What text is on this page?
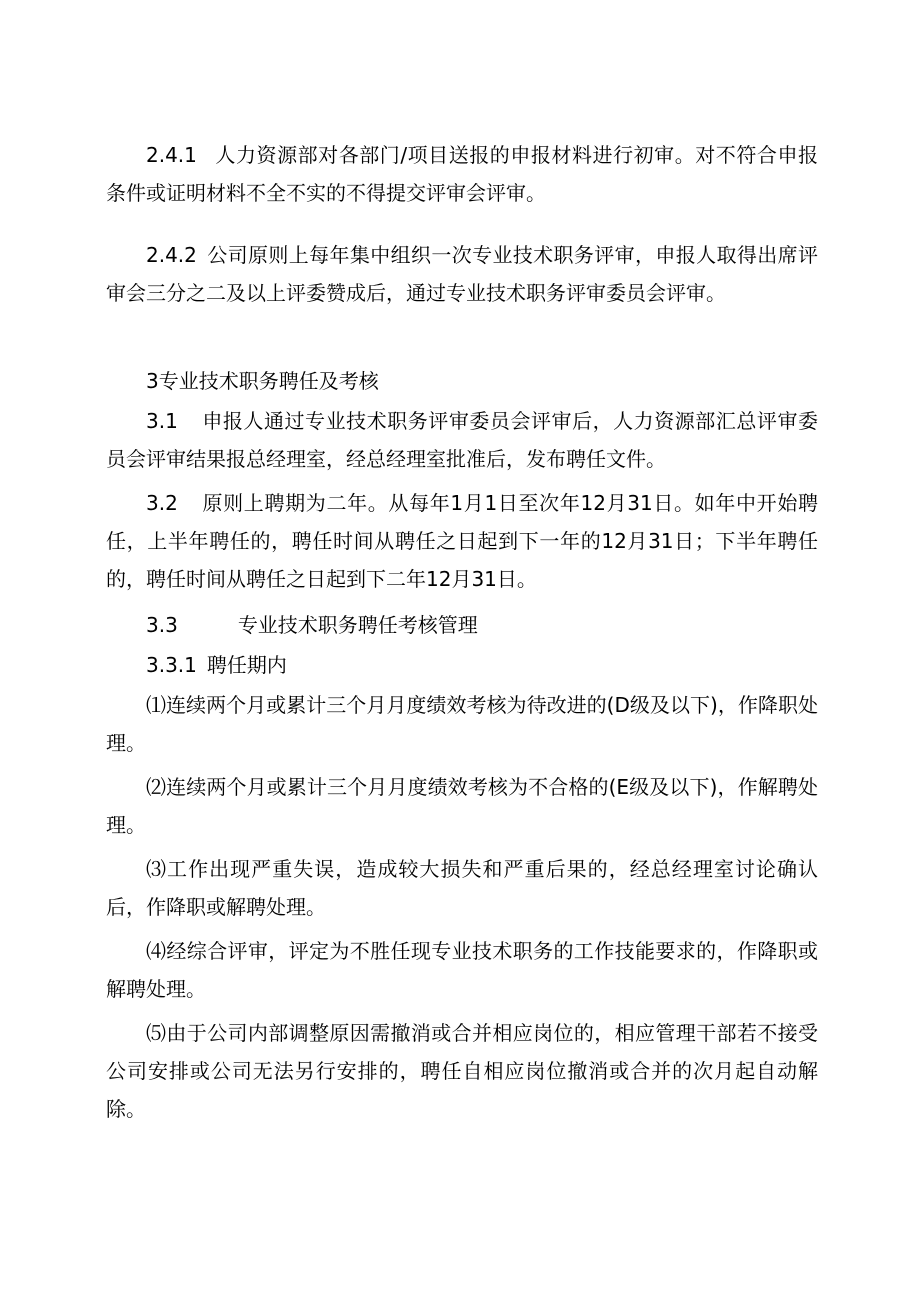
2.4.1 人力资源部对各部门/项目送报的申报材料进行初审。对不符合申报条件或证明材料不全不实的不得提交评审会评审。

2.4.2 公司原则上每年集中组织一次专业技术职务评审，申报人取得出席评审会三分之二及以上评委赞成后，通过专业技术职务评审委员会评审。

3专业技术职务聘任及考核

3.1 申报人通过专业技术职务评审委员会评审后，人力资源部汇总评审委员会评审结果报总经理室，经总经理室批准后，发布聘任文件。

3.2 原则上聘期为二年。从每年1月1日至次年12月31日。如年中开始聘任，上半年聘任的，聘任时间从聘任之日起到下一年的12月31日；下半年聘任的，聘任时间从聘任之日起到下二年12月31日。

3.3	专业技术职务聘任考核管理

3.3.1 聘任期内

⑴连续两个月或累计三个月月度绩效考核为待改进的(D级及以下)，作降职处理。

⑵连续两个月或累计三个月月度绩效考核为不合格的(E级及以下)，作解聘处理。

⑶工作出现严重失误，造成较大损失和严重后果的，经总经理室讨论确认后，作降职或解聘处理。

⑷经综合评审，评定为不胜任现专业技术职务的工作技能要求的，作降职或解聘处理。

⑸由于公司内部调整原因需撤消或合并相应岗位的，相应管理干部若不接受公司安排或公司无法另行安排的，聘任自相应岗位撤消或合并的次月起自动解除。
